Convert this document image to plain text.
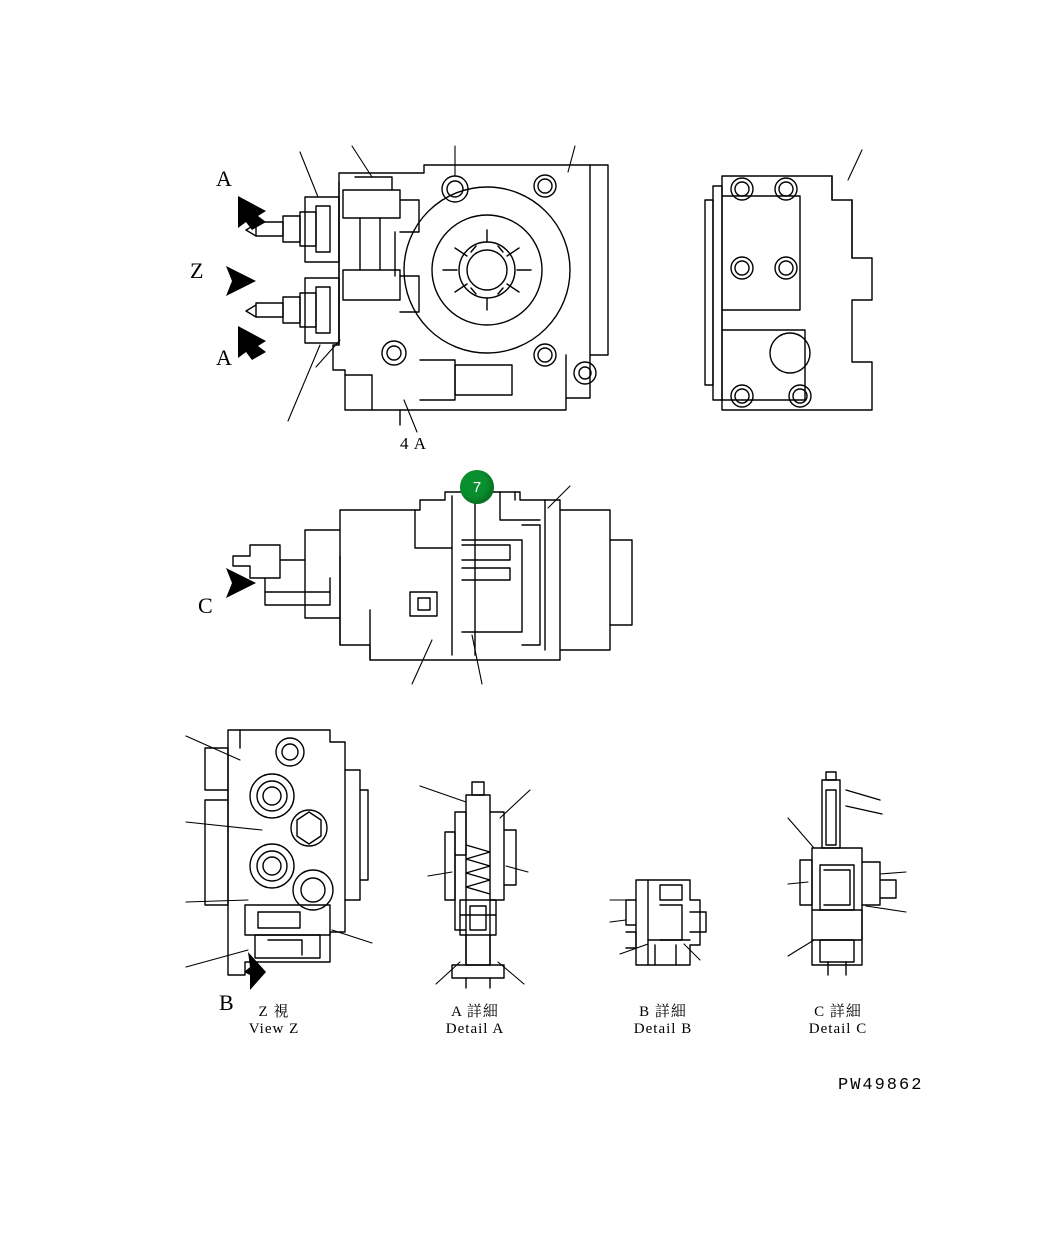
7
A
Z
A
C
B
4 A
Z 視
View Z
A 詳細
Detail A
B 詳細
Detail B
C 詳細
Detail C
PW49862
